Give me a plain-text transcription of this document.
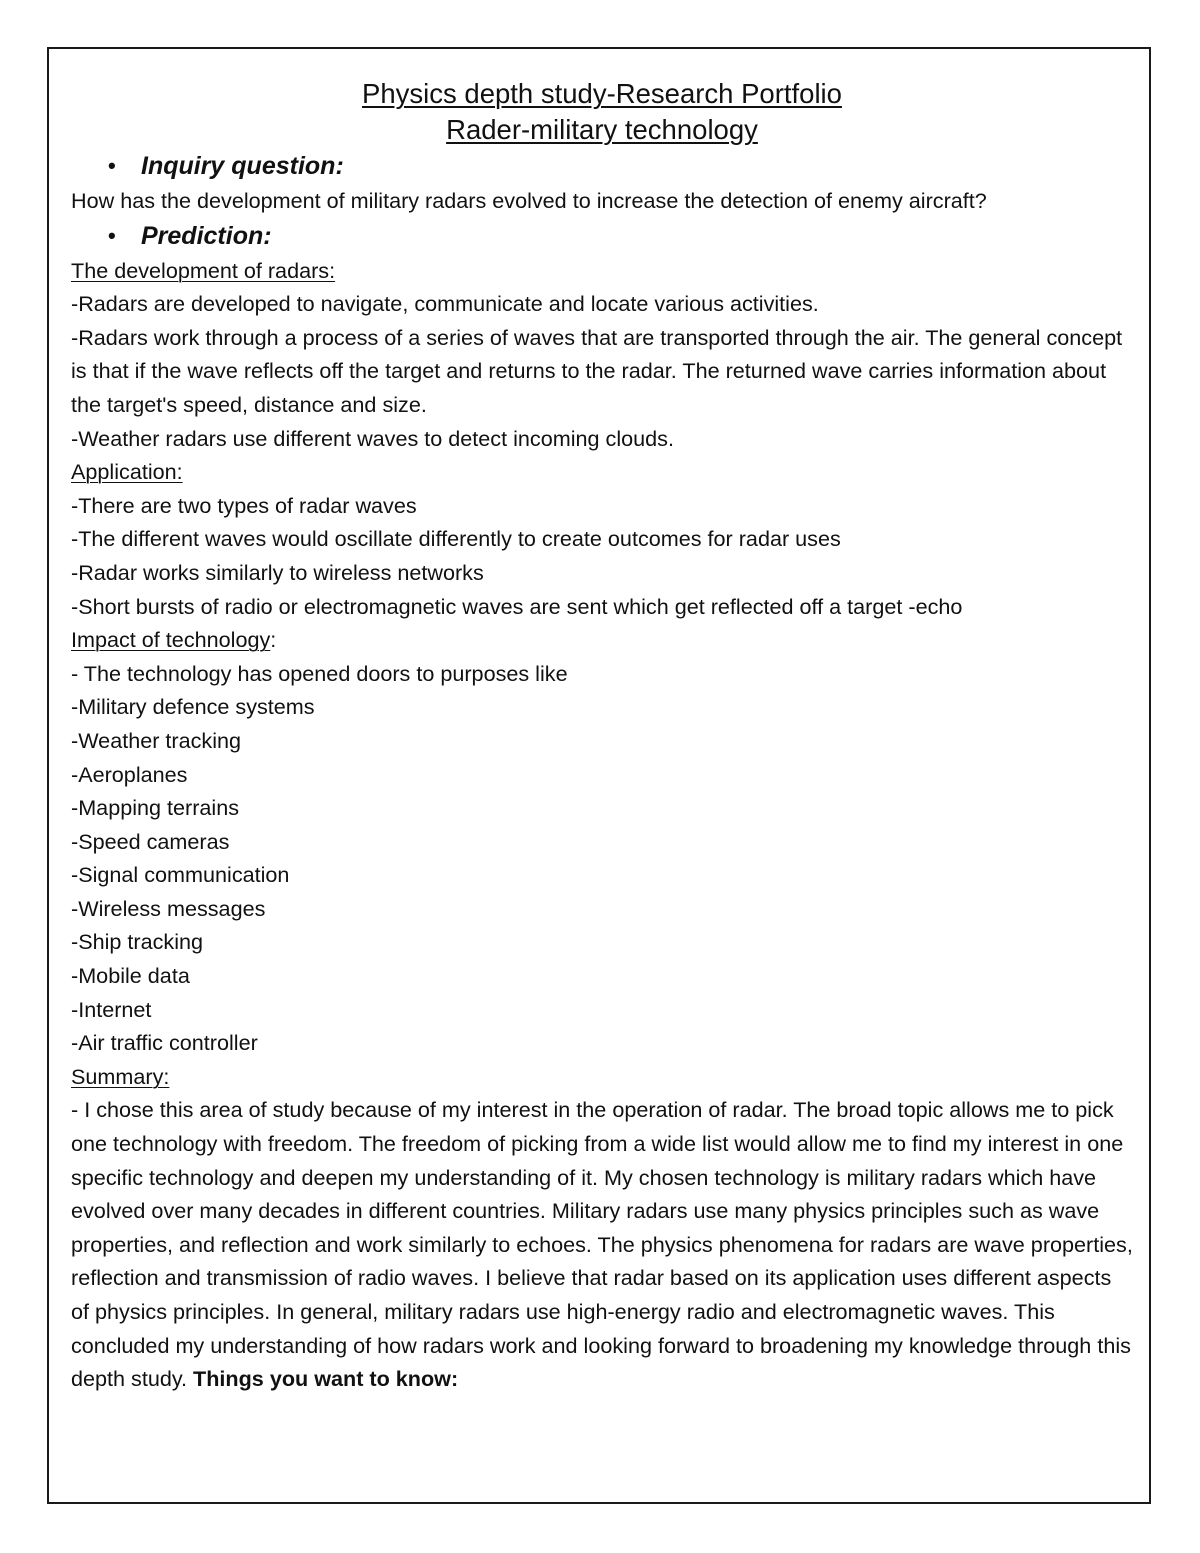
Physics depth study-Research Portfolio
Rader-military technology
• Inquiry question:

How has the development of military radars evolved to increase the detection of enemy aircraft?

• Prediction:
The development of radars:

-Radars are developed to navigate, communicate and locate various activities.

-Radars work through a process of a series of waves that are transported through the air. The general concept is that if the wave reflects off the target and returns to the radar. The returned wave carries information about the target's speed, distance and size.

-Weather radars use different waves to detect incoming clouds.

Application:
-There are two types of radar waves
-The different waves would oscillate differently to create outcomes for radar uses
-Radar works similarly to wireless networks
-Short bursts of radio or electromagnetic waves are sent which get reflected off a target -echo
Impact of technology:
- The technology has opened doors to purposes like
-Military defence systems
-Weather tracking
-Aeroplanes
-Mapping terrains
-Speed cameras
-Signal communication
-Wireless messages
-Ship tracking
-Mobile data
-Internet
-Air traffic controller
Summary:

- I chose this area of study because of my interest in the operation of radar. The broad topic allows me to pick one technology with freedom. The freedom of picking from a wide list would allow me to find my interest in one specific technology and deepen my understanding of it. My chosen technology is military radars which have evolved over many decades in different countries. Military radars use many physics principles such as wave properties, and reflection and work similarly to echoes. The physics phenomena for radars are wave properties, reflection and transmission of radio waves. I believe that radar based on its application uses different aspects of physics principles. In general, military radars use high-energy radio and electromagnetic waves. This concluded my understanding of how radars work and looking forward to broadening my knowledge through this depth study. Things you want to know:
